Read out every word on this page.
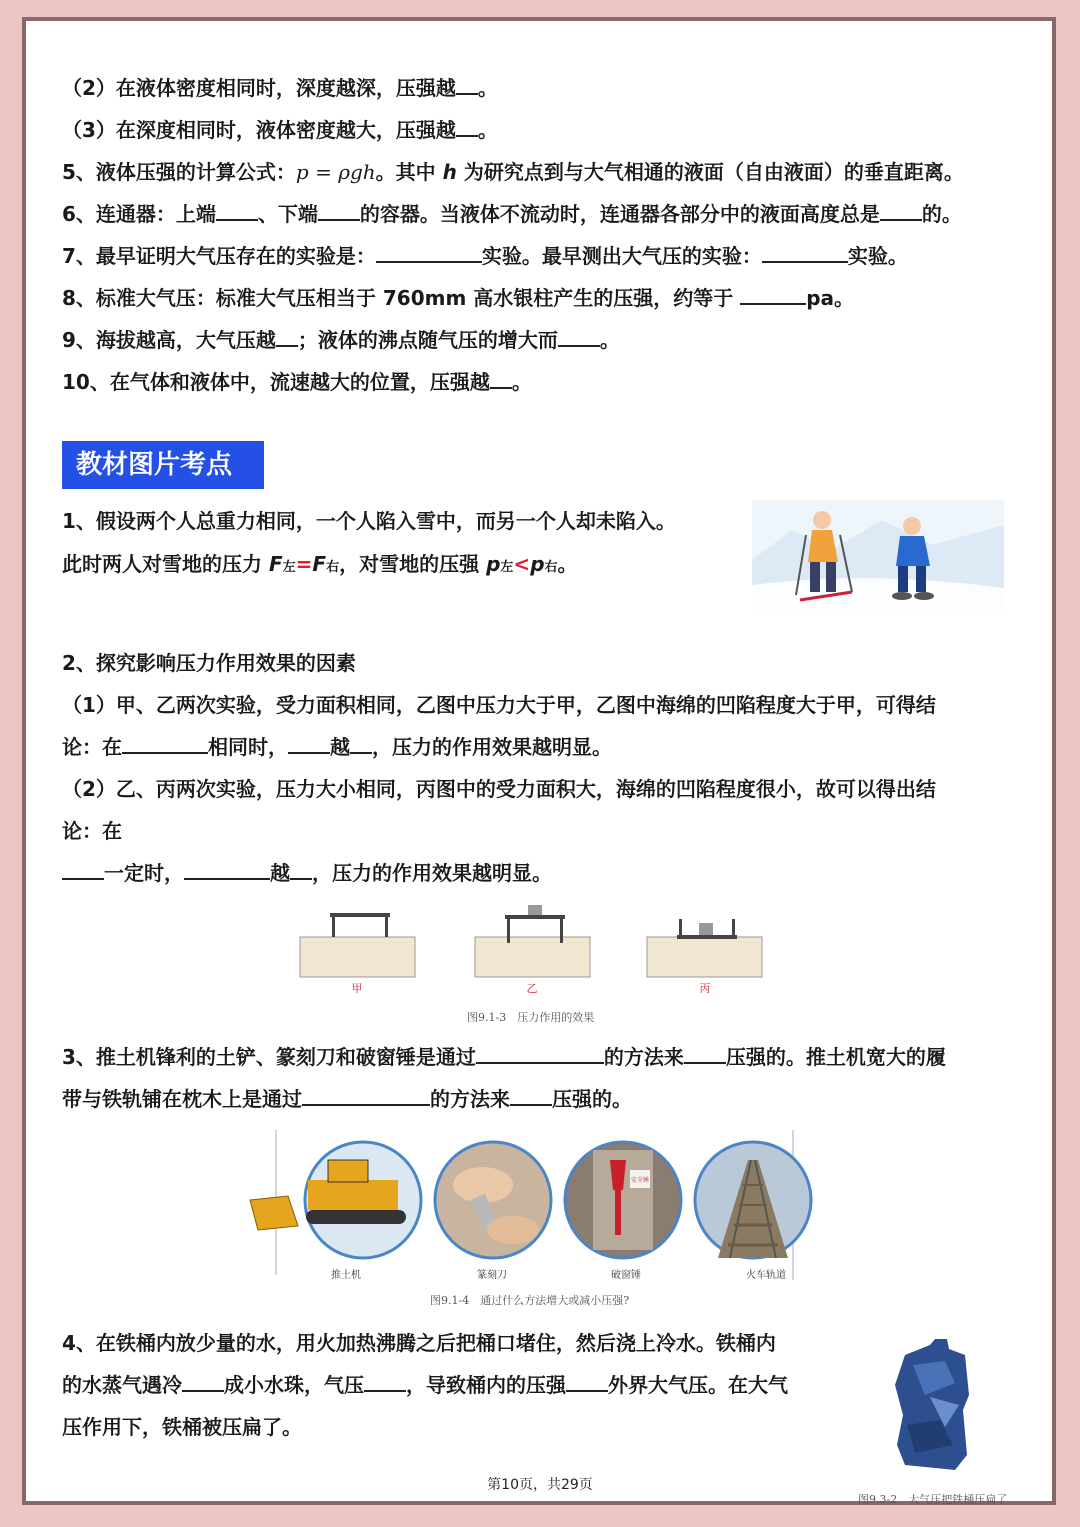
（2）在液体密度相同时，深度越深，压强越 。
（3）在深度相同时，液体密度越大，压强越 。
5、液体压强的计算公式：p = ρgh。其中 h 为研究点到与大气相通的液面（自由液面）的垂直距离。
6、连通器：上端 、下端 的容器。当液体不流动时，连通器各部分中的液面高度总是 的。
7、最早证明大气压存在的实验是：	实验。最早测出大气压的实验：	实验。
8、标准大气压：标准大气压相当于 760mm 高水银柱产生的压强，约等于	pa。
9、海拔越高，大气压越 ；液体的沸点随气压的增大而 。
10、在气体和液体中，流速越大的位置，压强越 。
教材图片考点
1、假设两个人总重力相同，一个人陷入雪中，而另一个人却未陷入。
此时两人对雪地的压力 F左=F右，对雪地的压强 p左<p右。
2、探究影响压力作用效果的因素
（1）甲、乙两次实验，受力面积相同，乙图中压力大于甲，乙图中海绵的凹陷程度大于甲，可得结
论：在	相同时， 越 ，压力的作用效果越明显。
（2）乙、丙两次实验，压力大小相同，丙图中的受力面积大，海绵的凹陷程度很小，故可以得出结
论：在
一定时，	越 ，压力的作用效果越明显。
甲	乙	丙
图9.1-3　压力作用的效果
3、推土机锋利的土铲、篆刻刀和破窗锤是通过	的方法来 压强的。推土机宽大的履
带与铁轨铺在枕木上是通过	的方法来 压强的。
安全锤
推土机	篆刻刀	破窗锤	火车轨道
图9.1-4　通过什么方法增大或减小压强?
4、在铁桶内放少量的水，用火加热沸腾之后把桶口堵住，然后浇上冷水。铁桶内
的水蒸气遇冷 成小水珠，气压 ，导致桶内的压强 外界大气压。在大气
压作用下，铁桶被压扁了。
图9.3-2　大气压把铁桶压扁了
第10页，共29页
